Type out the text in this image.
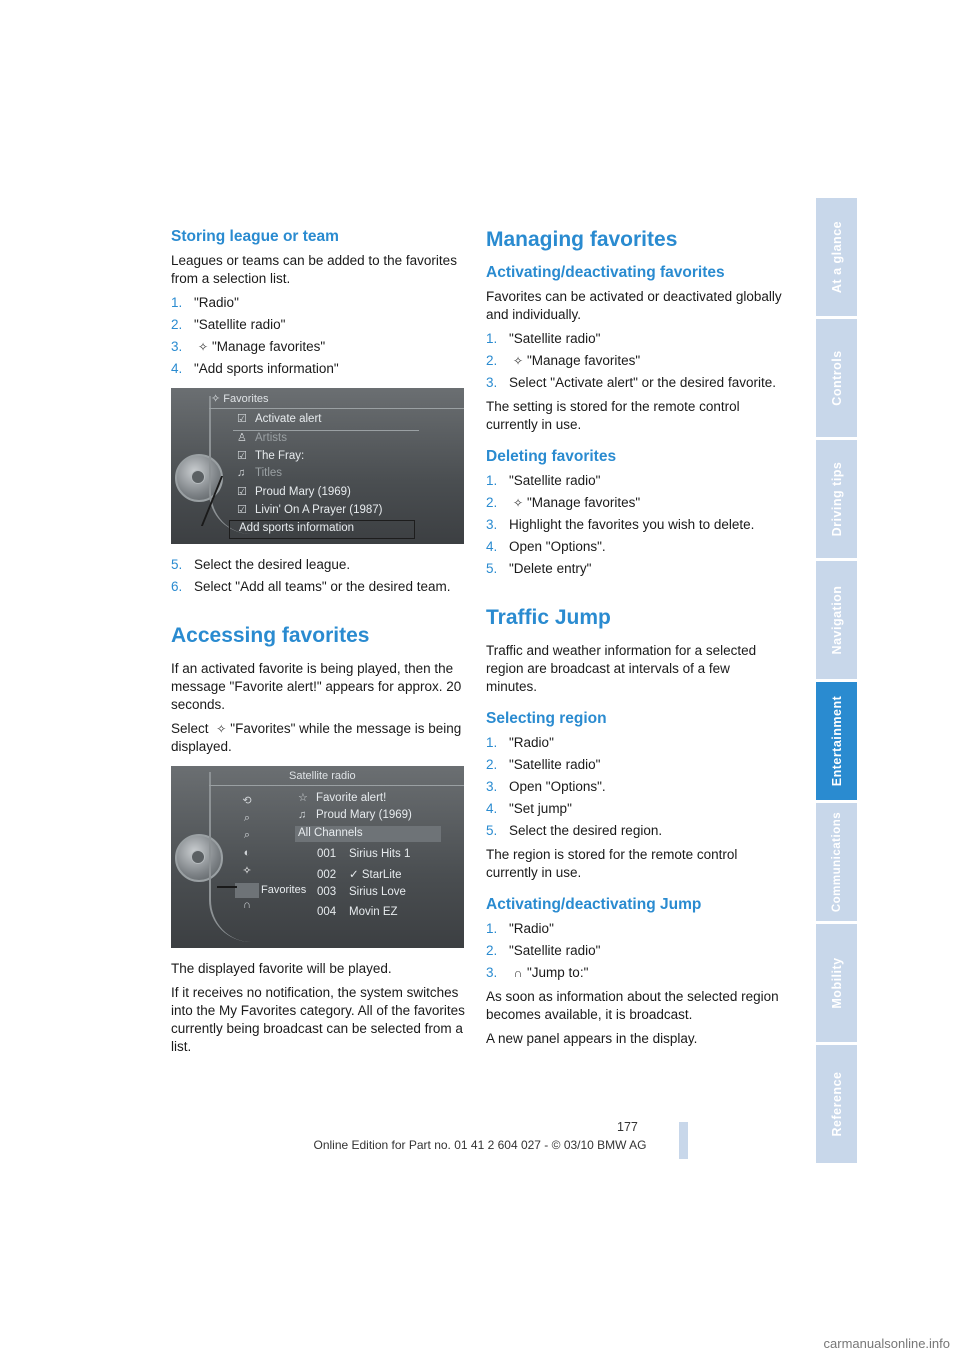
Storing league or team

Leagues or teams can be added to the favorites from a selection list.

1. "Radio"
2. "Satellite radio"
3. ✧ "Manage favorites"
4. "Add sports information"
✧ Favorites
☑ Activate alert
♙ Artists
☑ The Fray:
♫ Titles
☑ Proud Mary (1969)
☑ Livin' On A Prayer (1987)
Add sports information
5. Select the desired league.
6. Select "Add all teams" or the desired team.
Accessing favorites

If an activated favorite is being played, then the message "Favorite alert!" appears for approx. 20 seconds.

Select ✧ "Favorites" while the message is being displayed.

Satellite radio
⟲
⌕
⌕
◐
✧
∩
☆ Favorite alert!
♫ Proud Mary (1969)
All Channels
001 Sirius Hits 1
002 ✓ StarLite
003 Sirius Love
004 Movin EZ
Favorites

The displayed favorite will be played.

If it receives no notification, the system switches into the My Favorites category. All of the favorites currently being broadcast can be selected from a list.

Managing favorites
Activating/deactivating favorites

Favorites can be activated or deactivated globally and individually.

1. "Satellite radio"
2. ✧ "Manage favorites"
3. Select "Activate alert" or the desired favorite.

The setting is stored for the remote control currently in use.

Deleting favorites
1. "Satellite radio"
2. ✧ "Manage favorites"
3. Highlight the favorites you wish to delete.
4. Open "Options".
5. "Delete entry"
Traffic Jump

Traffic and weather information for a selected region are broadcast at intervals of a few minutes.

Selecting region
1. "Radio"
2. "Satellite radio"
3. Open "Options".
4. "Set jump"
5. Select the desired region.

The region is stored for the remote control currently in use.

Activating/deactivating Jump
1. "Radio"
2. "Satellite radio"
3. ∩ "Jump to:"

As soon as information about the selected region becomes available, it is broadcast.

A new panel appears in the display.

At a glance
Controls
Driving tips
Navigation
Entertainment
Communications
Mobility
Reference
177
Online Edition for Part no. 01 41 2 604 027 - © 03/10 BMW AG
carmanualsonline.info
